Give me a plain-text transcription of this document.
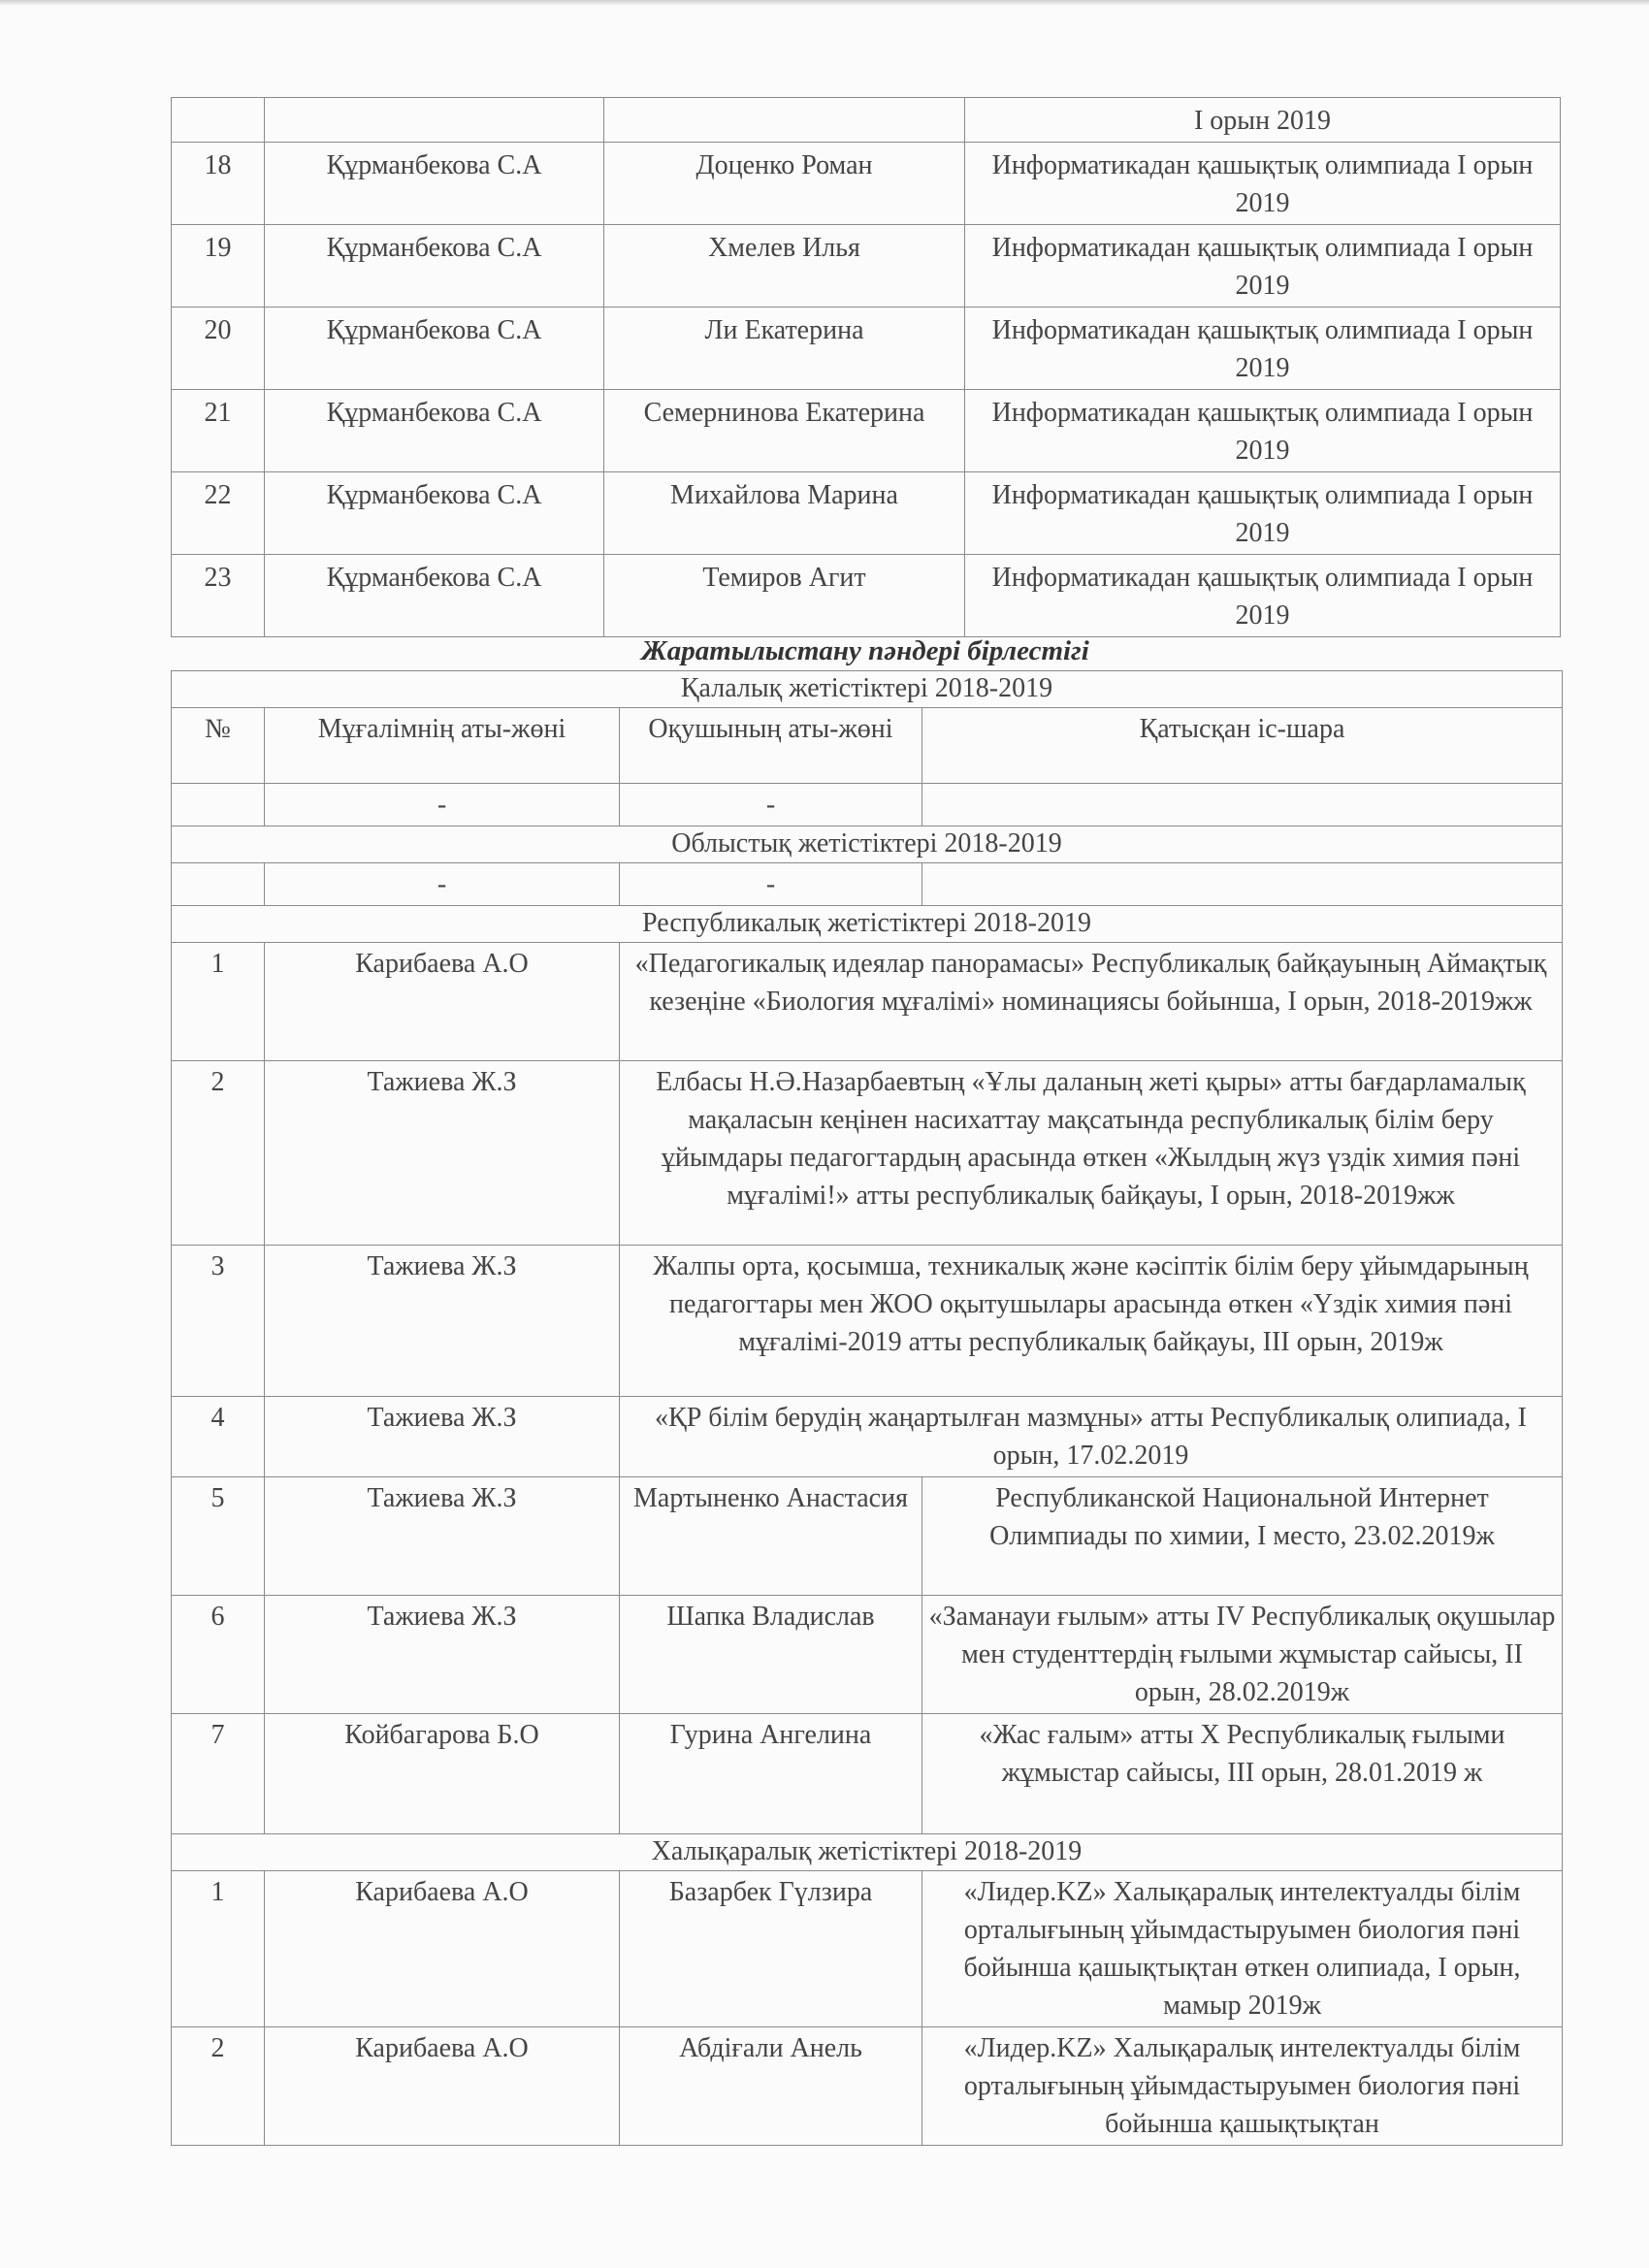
			I орын 2019
18	Құрманбекова С.А	Доценко Роман	Информатикадан қашықтық олимпиада I орын 2019
19	Құрманбекова С.А	Хмелев Илья	Информатикадан қашықтық олимпиада I орын 2019
20	Құрманбекова С.А	Ли Екатерина	Информатикадан қашықтық олимпиада I орын 2019
21	Құрманбекова С.А	Семернинова Екатерина	Информатикадан қашықтық олимпиада I орын 2019
22	Құрманбекова С.А	Михайлова Марина	Информатикадан қашықтық олимпиада I орын 2019
23	Құрманбекова С.А	Темиров Агит	Информатикадан қашықтық олимпиада I орын 2019
Жаратылыстану пәндері бірлестігі
Қалалық жетістіктері 2018-2019			
№	Мұғалімнің аты-жөні	Оқушының аты-жөні	Қатысқан іс-шара
	-	-	
Облыстық жетістіктері 2018-2019			
	-	-	
Республикалық жетістіктері 2018-2019			
1	Карибаева А.О	«Педагогикалық идеялар панорамасы» Республикалық байқауының Аймақтық кезеңіне «Биология мұғалімі» номинациясы бойынша, I орын, 2018-2019жж	
2	Тажиева Ж.З	Елбасы Н.Ә.Назарбаевтың «Ұлы даланың жеті қыры» атты бағдарламалық мақаласын кеңінен насихаттау мақсатында республикалық білім беру ұйымдары педагогтардың арасында өткен «Жылдың жүз үздік химия пәні мұғалімі!» атты республикалық байқауы, I орын, 2018-2019жж	
3	Тажиева Ж.З	Жалпы орта, қосымша, техникалық және кәсіптік білім беру ұйымдарының педагогтары мен ЖОО оқытушылары арасында өткен «Үздік химия пәні мұғалімі-2019 атты республикалық байқауы, III орын, 2019ж	
4	Тажиева Ж.З	«ҚР білім берудің жаңартылған мазмұны» атты Республикалық олипиада, I орын, 17.02.2019	
5	Тажиева Ж.З	Мартыненко Анастасия	Республиканской Национальной Интернет Олимпиады по химии, I место, 23.02.2019ж
6	Тажиева Ж.З	Шапка Владислав	«Заманауи ғылым» атты IV Республикалық оқушылар мен студенттердің ғылыми жұмыстар сайысы, II орын, 28.02.2019ж
7	Койбагарова Б.О	Гурина Ангелина	«Жас ғалым» атты X Республикалық ғылыми жұмыстар сайысы, III орын, 28.01.2019 ж
Халықаралық жетістіктері 2018-2019			
1	Карибаева А.О	Базарбек Гүлзира	«Лидер.KZ» Халықаралық интелектуалды білім орталығының ұйымдастыруымен биология пәні бойынша қашықтықтан өткен олипиада, I орын, мамыр 2019ж
2	Карибаева А.О	Абдіғали Анель	«Лидер.KZ» Халықаралық интелектуалды білім орталығының ұйымдастыруымен биология пәні бойынша қашықтықтан
